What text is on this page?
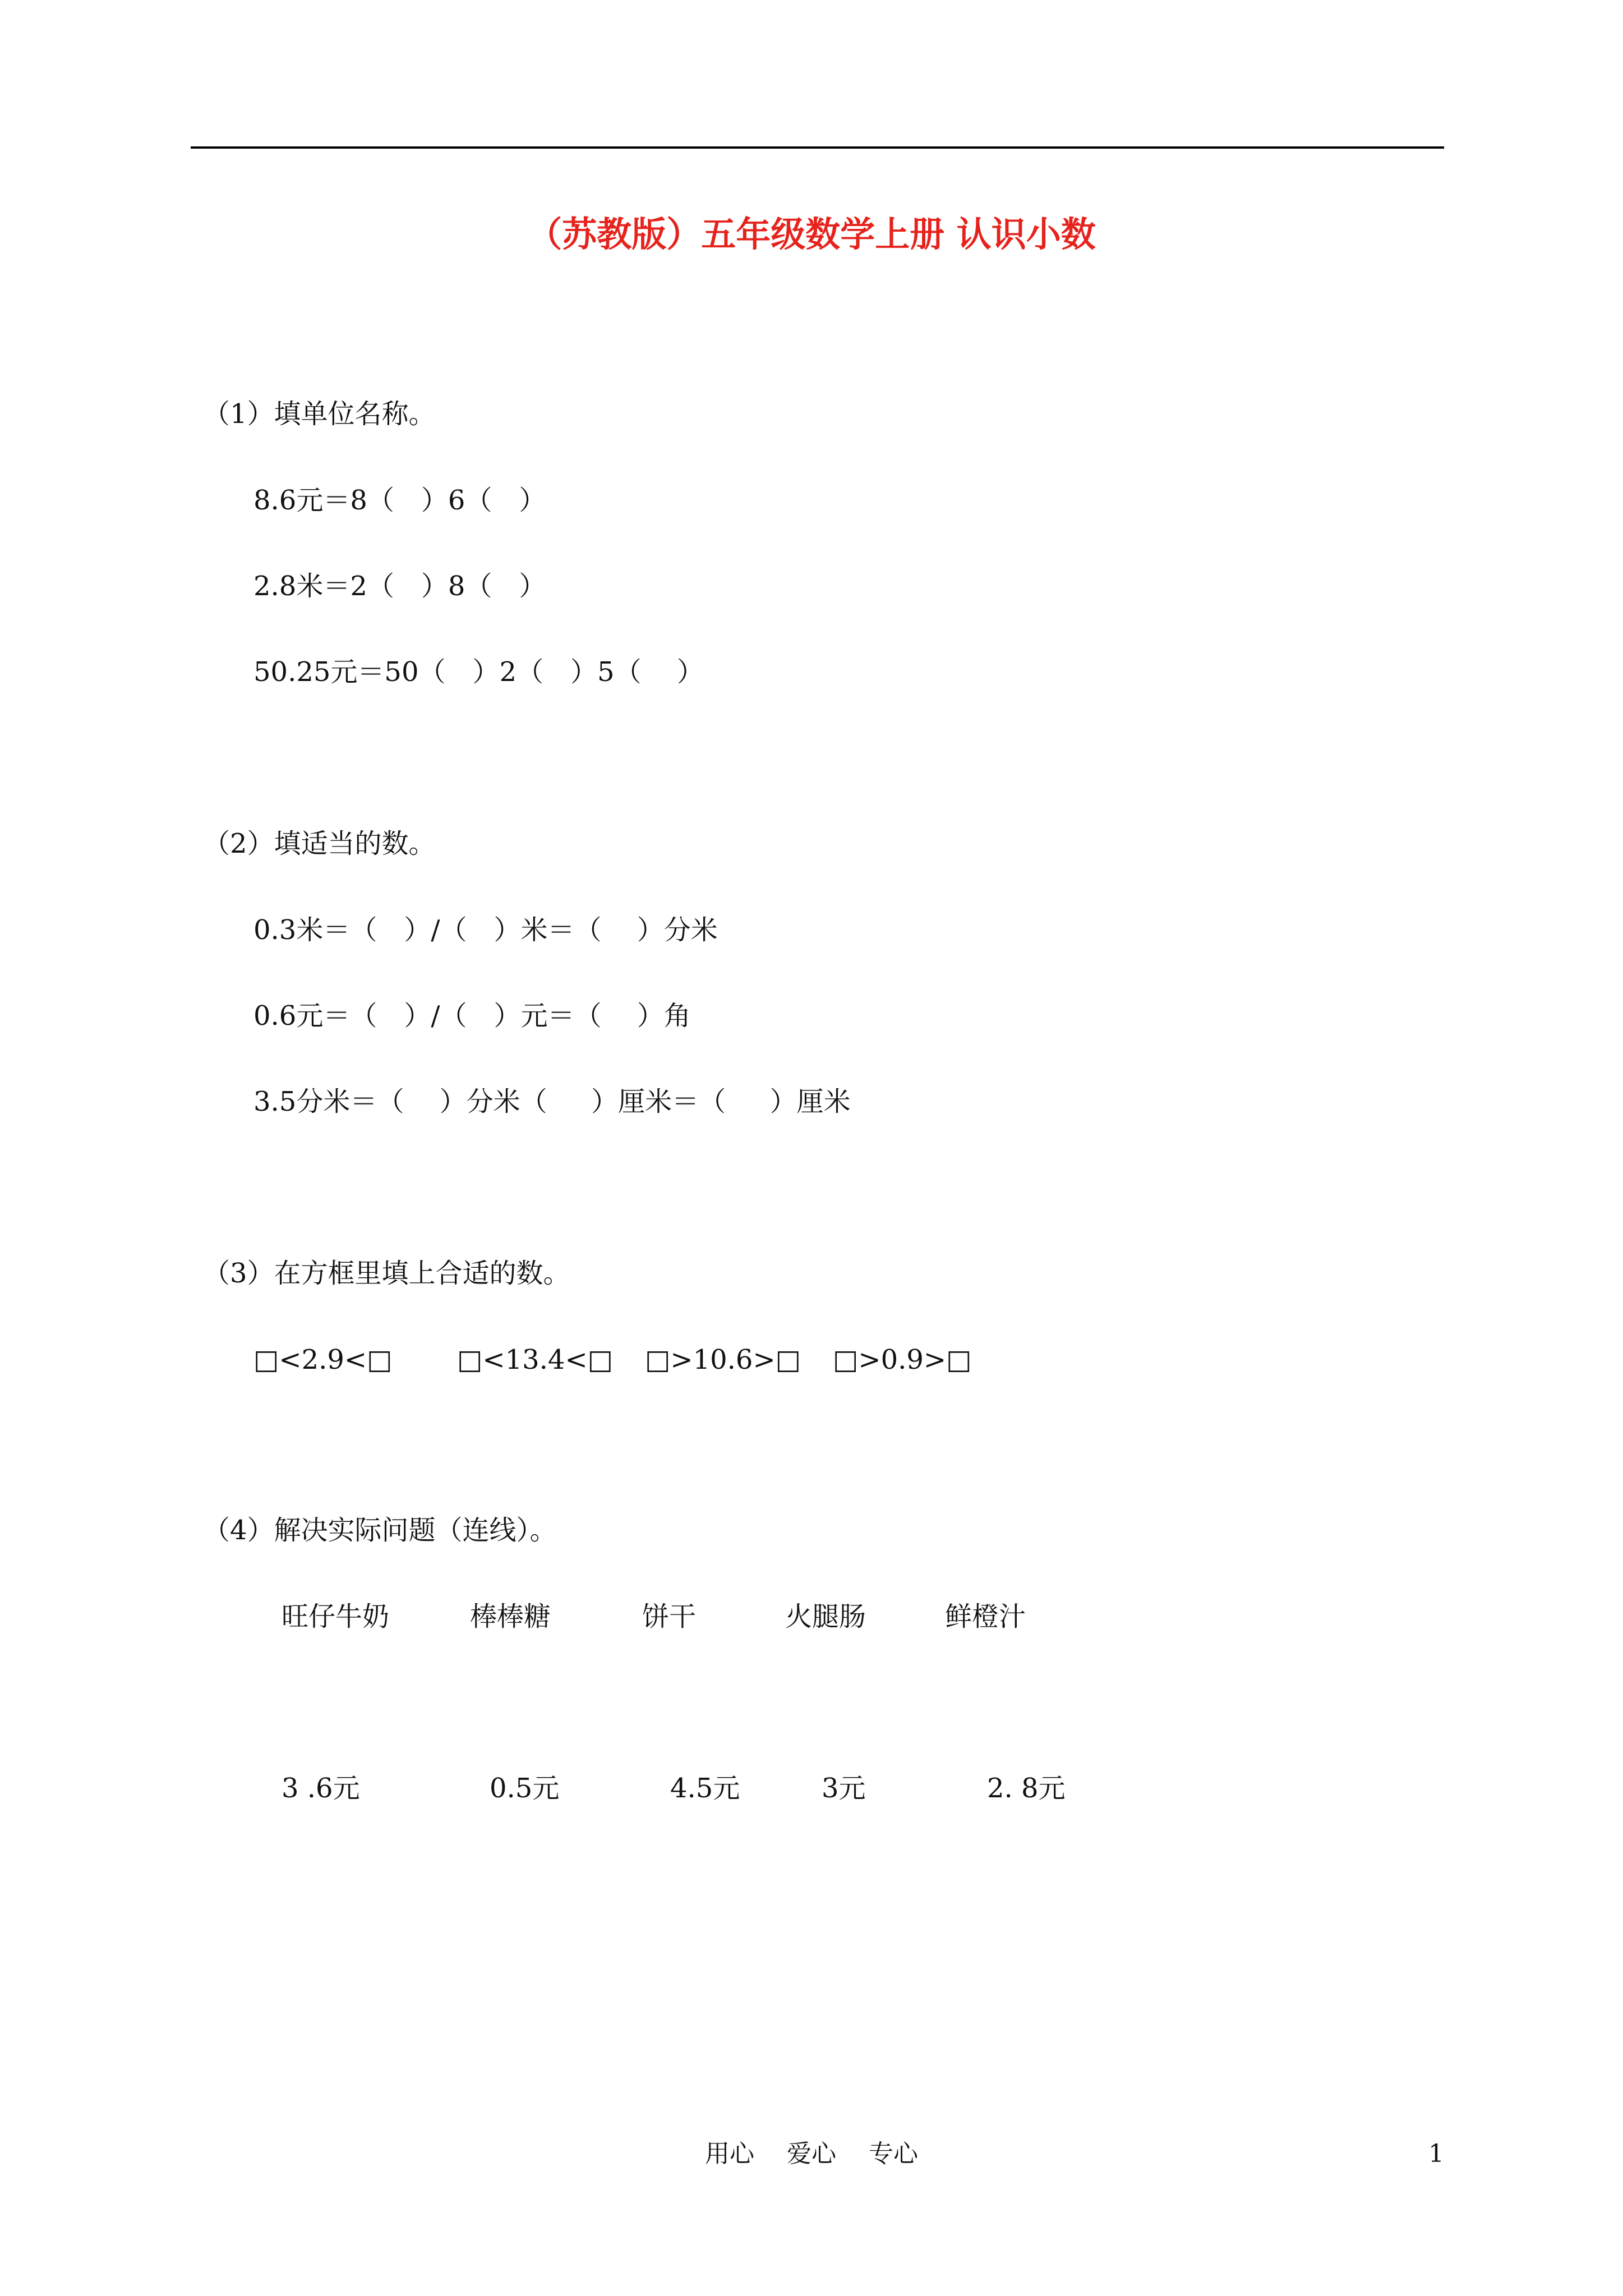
（苏教版）五年级数学上册 认识小数
（1）填单位名称。
8.6元＝8（　）6（　）
2.8米＝2（　）8（　）
50.25元＝50（　）2（　）5（　 ）
（2）填适当的数。
0.3米＝（　）/（　）米＝（　 ）分米
0.6元＝（　）/（　）元＝（　 ）角
3.5分米＝（　 ）分米（　  ）厘米＝（　  ）厘米
（3）在方框里填上合适的数。
□<2.9<□ □<13.4<□ □>10.6>□ □>0.9>□
（4）解决实际问题（连线）。
旺仔牛奶	棒棒糖	饼干	火腿肠	鲜橙汁
3 .6元	0.5元	4.5元	3元	2. 8元
用心　 爱心　 专心	1
